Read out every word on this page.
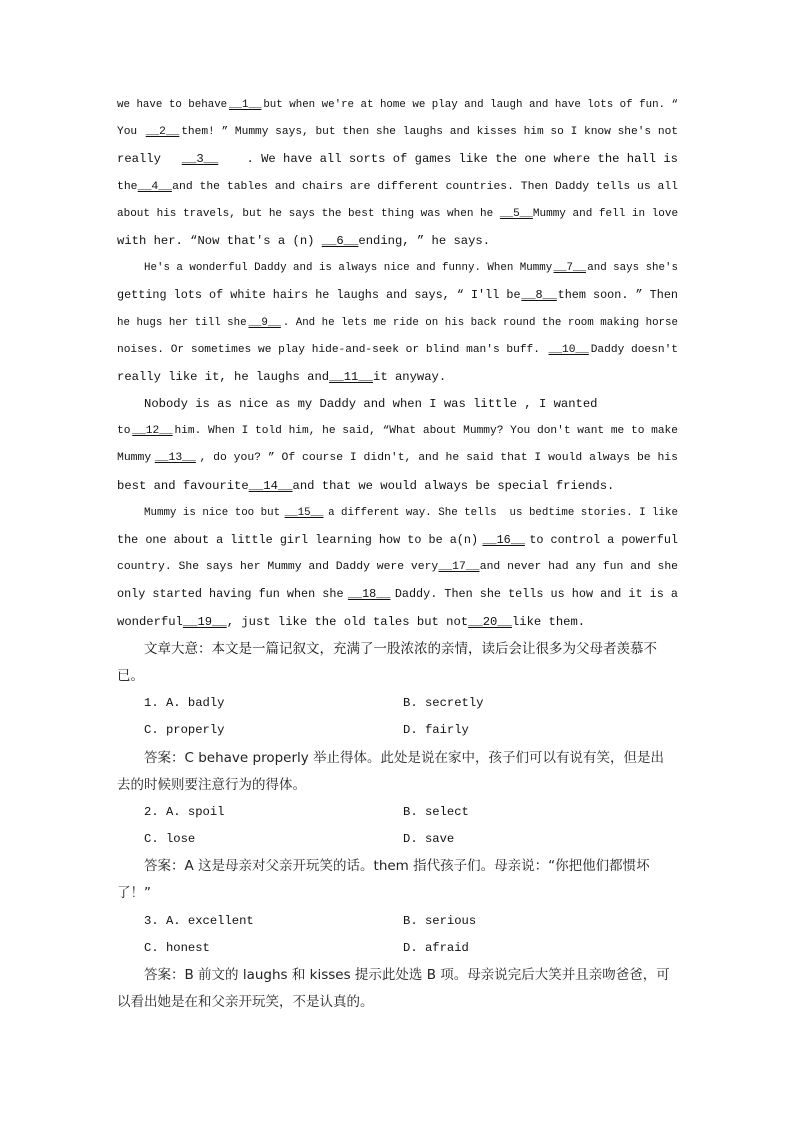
we have to behave __1__ but when we're at home we play and laugh and have lots of fun. “
You __2__ them! ” Mummy says, but then she laughs and kisses him so I know she's not
really __3__ . We have all sorts of games like the one where the hall is
the __4__ and the tables and chairs are different countries. Then Daddy tells us all
about his travels, but he says the best thing was when he __5__ Mummy and fell in love
with her. “Now that's a (n) __6__ ending, ” he says.
He's a wonderful Daddy and is always nice and funny. When Mummy __7__ and says she's
getting lots of white hairs he laughs and says, “ I'll be __8__ them soon. ” Then
he hugs her till she __9__ . And he lets me ride on his back round the room making horse
noises. Or sometimes we play hide-and-seek or blind man's buff. __10__ Daddy doesn't
really like it, he laughs and __11__ it anyway.
Nobody is as nice as my Daddy and when I was little , I wanted
to __12__ him. When I told him, he said, “What about Mummy? You don't want me to make
Mummy __13__ , do you? ” Of course I didn't, and he said that I would always be his
best and favourite __14__ and that we would always be special friends.
Mummy is nice too but __15__ a different way. She tells  us bedtime stories. I like
the one about a little girl learning how to be a(n) __16__ to control a powerful
country. She says her Mummy and Daddy were very __17__ and never had any fun and she
only started having fun when she __18__ Daddy. Then she tells us how and it is a
wonderful __19__ , just like the old tales but not __20__ like them.
文章大意：本文是一篇记叙文，充满了一股浓浓的亲情，读后会让很多为父母者羡慕不
已。
1. A. badly	B. secretly
C. properly	D. fairly
答案： C behave properly 举止得体。此处是说在家中，孩子们可以有说有笑，但是出
去的时候则要注意行为的得体。
2. A. spoil	B. select
C. lose	D. save
答案： A 这是母亲对父亲开玩笑的话。them 指代孩子们。母亲说：“你把他们都惯坏
了！”
3. A. excellent	B. serious
C. honest	D. afraid
答案： B 前文的 laughs 和 kisses 提示此处选 B 项。母亲说完后大笑并且亲吻爸爸，可
以看出她是在和父亲开玩笑，不是认真的。
